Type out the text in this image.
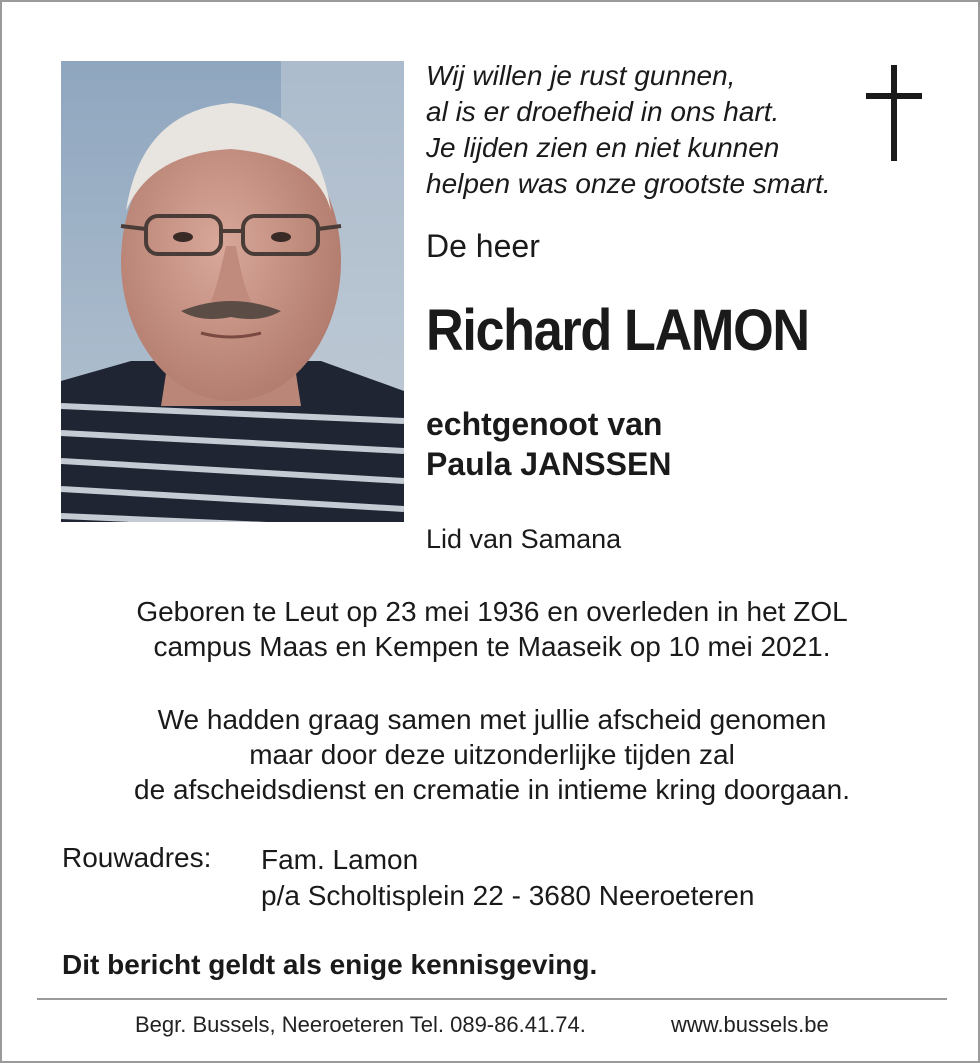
Wij willen je rust gunnen,
al is er droefheid in ons hart.
Je lijden zien en niet kunnen
helpen was onze grootste smart.
De heer
Richard LAMON
echtgenoot van
Paula JANSSEN
Lid van Samana
Geboren te Leut op 23 mei 1936 en overleden in het ZOL
campus Maas en Kempen te Maaseik op 10 mei 2021.
We hadden graag samen met jullie afscheid genomen
maar door deze uitzonderlijke tijden zal
de afscheidsdienst en crematie in intieme kring doorgaan.
Rouwadres: Fam. Lamon
p/a Scholtisplein 22 - 3680 Neeroeteren
Dit bericht geldt als enige kennisgeving.
Begr. Bussels, Neeroeteren Tel. 089-86.41.74.	www.bussels.be
